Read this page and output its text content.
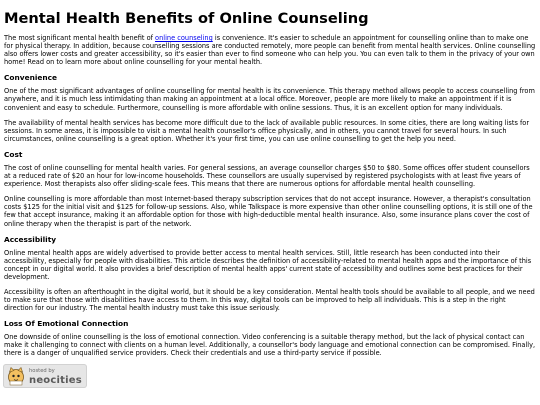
Mental Health Benefits of Online Counseling

The most significant mental health benefit of online counseling is convenience. It's easier to schedule an appointment for counselling online than to make one for physical therapy. In addition, because counselling sessions are conducted remotely, more people can benefit from mental health services. Online counselling also offers lower costs and greater accessibility, so it's easier than ever to find someone who can help you. You can even talk to them in the privacy of your own home! Read on to learn more about online counselling for your mental health.

Convenience

One of the most significant advantages of online counselling for mental health is its convenience. This therapy method allows people to access counselling from anywhere, and it is much less intimidating than making an appointment at a local office. Moreover, people are more likely to make an appointment if it is convenient and easy to schedule. Furthermore, counselling is more affordable with online sessions. Thus, it is an excellent option for many individuals.

The availability of mental health services has become more difficult due to the lack of available public resources. In some cities, there are long waiting lists for sessions. In some areas, it is impossible to visit a mental health counsellor's office physically, and in others, you cannot travel for several hours. In such circumstances, online counselling is a great option. Whether it's your first time, you can use online counselling to get the help you need.

Cost

The cost of online counselling for mental health varies. For general sessions, an average counsellor charges $50 to $80. Some offices offer student counsellors at a reduced rate of $20 an hour for low-income households. These counsellors are usually supervised by registered psychologists with at least five years of experience. Most therapists also offer sliding-scale fees. This means that there are numerous options for affordable mental health counselling.

Online counselling is more affordable than most Internet-based therapy subscription services that do not accept insurance. However, a therapist's consultation costs $125 for the initial visit and $125 for follow-up sessions. Also, while Talkspace is more expensive than other online counselling options, it is still one of the few that accept insurance, making it an affordable option for those with high-deductible mental health insurance. Also, some insurance plans cover the cost of online therapy when the therapist is part of the network.

Accessibility

Online mental health apps are widely advertised to provide better access to mental health services. Still, little research has been conducted into their accessibility, especially for people with disabilities. This article describes the definition of accessibility-related to mental health apps and the importance of this concept in our digital world. It also provides a brief description of mental health apps' current state of accessibility and outlines some best practices for their development.

Accessibility is often an afterthought in the digital world, but it should be a key consideration. Mental health tools should be available to all people, and we need to make sure that those with disabilities have access to them. In this way, digital tools can be improved to help all individuals. This is a step in the right direction for our industry. The mental health industry must take this issue seriously.

Loss Of Emotional Connection

One downside of online counselling is the loss of emotional connection. Video conferencing is a suitable therapy method, but the lack of physical contact can make it challenging to connect with clients on a human level. Additionally, a counsellor's body language and emotional connection can be compromised. Finally, there is a danger of unqualified service providers. Check their credentials and use a third-party service if possible.

hosted by
neocities
